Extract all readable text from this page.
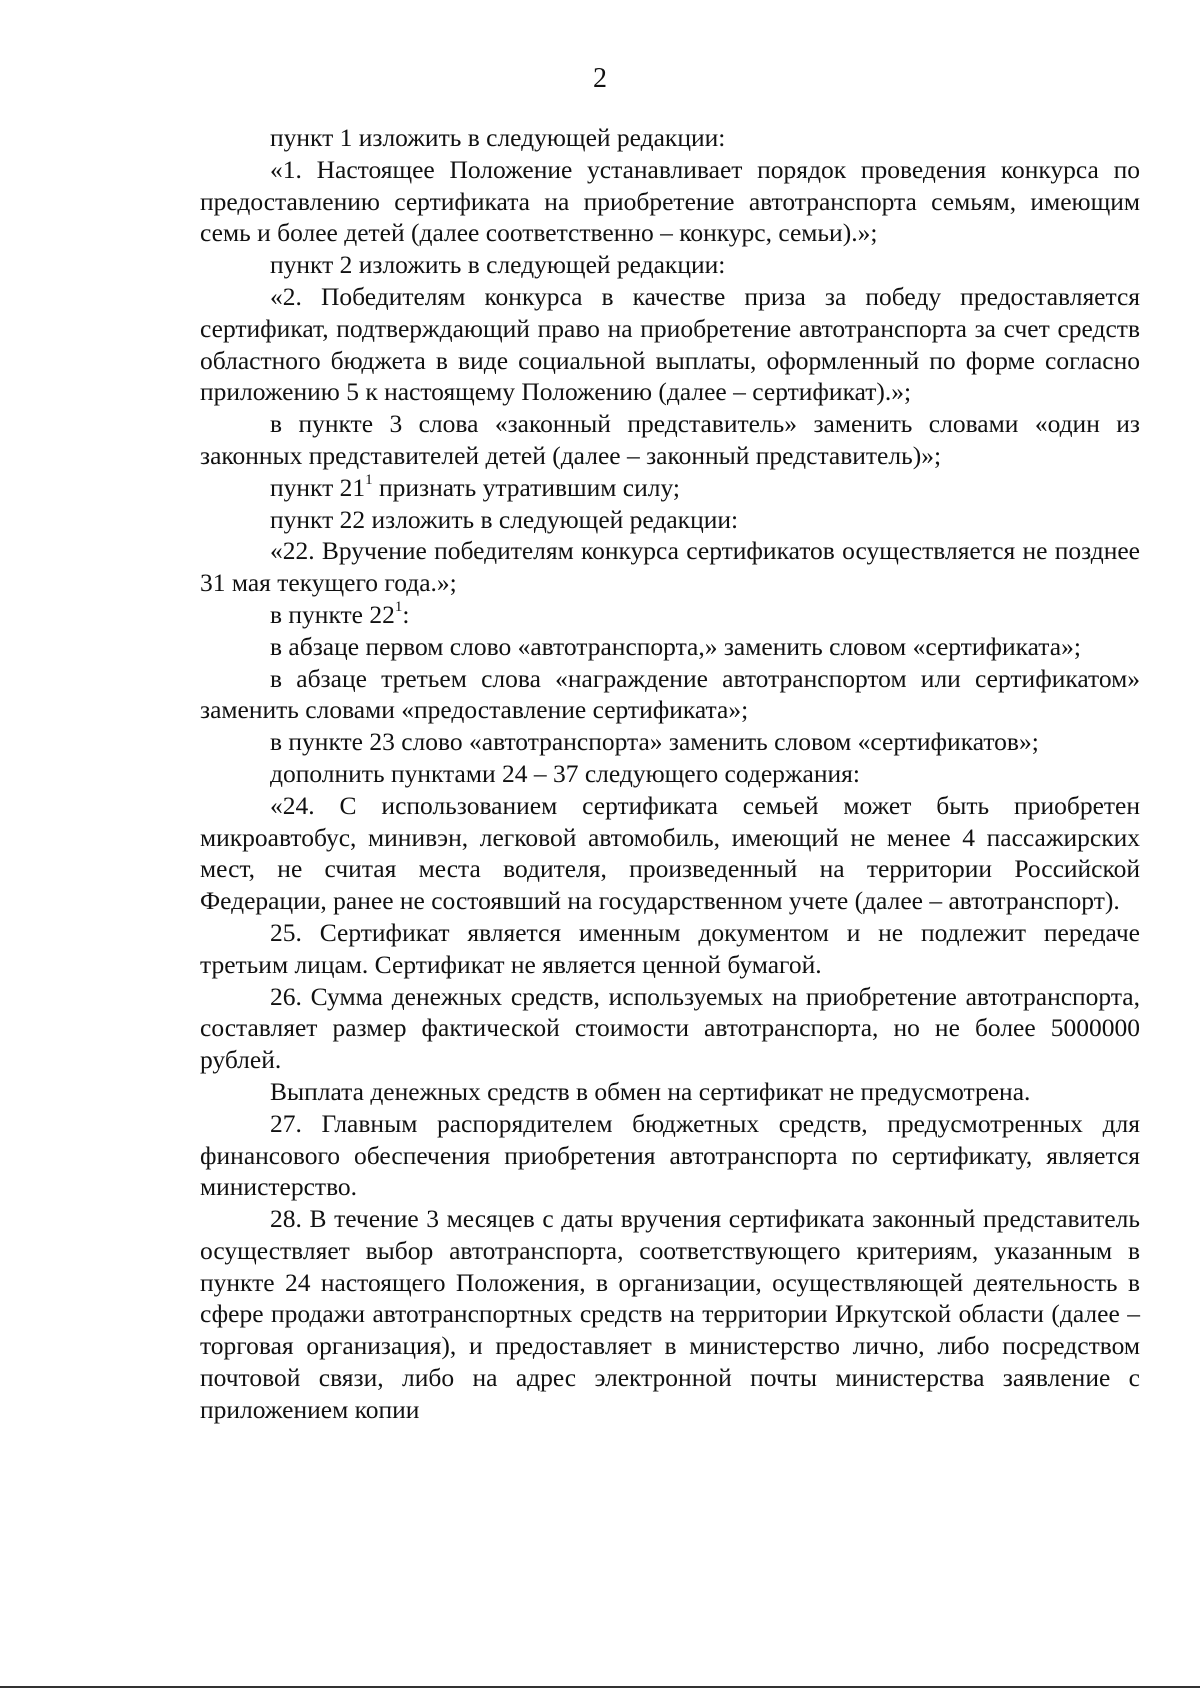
2

пункт 1 изложить в следующей редакции:

«1. Настоящее Положение устанавливает порядок проведения конкурса по предоставлению сертификата на приобретение автотранспорта семьям, имеющим семь и более детей (далее соответственно – конкурс, семьи).»;

пункт 2 изложить в следующей редакции:

«2. Победителям конкурса в качестве приза за победу предоставляется сертификат, подтверждающий право на приобретение автотранспорта за счет средств областного бюджета в виде социальной выплаты, оформленный по форме согласно приложению 5 к настоящему Положению (далее – сертификат).»;

в пункте 3 слова «законный представитель» заменить словами «один из законных представителей детей (далее – законный представитель)»;

пункт $21^1$ признать утратившим силу;

пункт 22 изложить в следующей редакции:

«22. Вручение победителям конкурса сертификатов осуществляется не позднее 31 мая текущего года.»;

в пункте $22^1$:

в абзаце первом слово «автотранспорта,» заменить словом «сертификата»;

в абзаце третьем слова «награждение автотранспортом или сертификатом» заменить словами «предоставление сертификата»;

в пункте 23 слово «автотранспорта» заменить словом «сертификатов»;

дополнить пунктами 24 – 37 следующего содержания:

«24. С использованием сертификата семьей может быть приобретен микроавтобус, минивэн, легковой автомобиль, имеющий не менее 4 пассажирских мест, не считая места водителя, произведенный на территории Российской Федерации, ранее не состоявший на государственном учете (далее – автотранспорт).

25. Сертификат является именным документом и не подлежит передаче третьим лицам. Сертификат не является ценной бумагой.

26. Сумма денежных средств, используемых на приобретение автотранспорта, составляет размер фактической стоимости автотранспорта, но не более 5000000 рублей.

Выплата денежных средств в обмен на сертификат не предусмотрена.

27. Главным распорядителем бюджетных средств, предусмотренных для финансового обеспечения приобретения автотранспорта по сертификату, является министерство.

28. В течение 3 месяцев с даты вручения сертификата законный представитель осуществляет выбор автотранспорта, соответствующего критериям, указанным в пункте 24 настоящего Положения, в организации, осуществляющей деятельность в сфере продажи автотранспортных средств на территории Иркутской области (далее – торговая организация), и предоставляет в министерство лично, либо посредством почтовой связи, либо на адрес электронной почты министерства заявление с приложением копии
